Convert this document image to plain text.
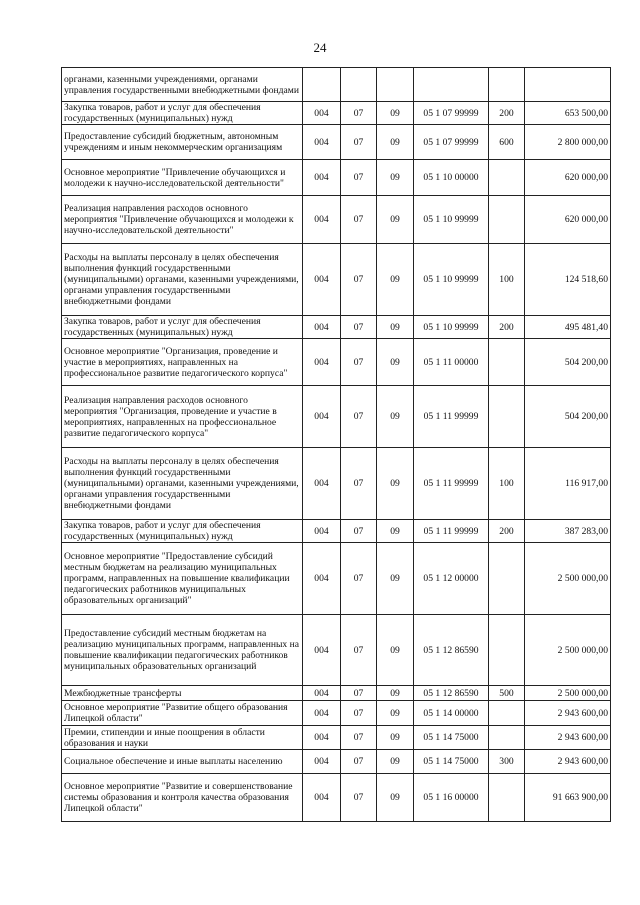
24
органами, казенными учреждениями, органами управления государственными внебюджетными фондами						
Закупка товаров, работ и услуг для обеспечения государственных (муниципальных) нужд	004	07	09	05 1 07 99999	200	653 500,00
Предоставление субсидий бюджетным, автономным учреждениям и иным некоммерческим организациям	004	07	09	05 1 07 99999	600	2 800 000,00
Основное мероприятие "Привлечение обучающихся и молодежи к научно-исследовательской деятельности"	004	07	09	05 1 10 00000		620 000,00
Реализация направления расходов основного мероприятия "Привлечение обучающихся и молодежи к научно-исследовательской деятельности"	004	07	09	05 1 10 99999		620 000,00
Расходы на выплаты персоналу в целях обеспечения выполнения функций государственными (муниципальными) органами, казенными учреждениями, органами управления государственными внебюджетными фондами	004	07	09	05 1 10 99999	100	124 518,60
Закупка товаров, работ и услуг для обеспечения государственных (муниципальных) нужд	004	07	09	05 1 10 99999	200	495 481,40
Основное мероприятие "Организация, проведение и участие в мероприятиях, направленных на профессиональное развитие педагогического корпуса"	004	07	09	05 1 11 00000		504 200,00
Реализация направления расходов основного мероприятия "Организация, проведение и участие в мероприятиях, направленных на профессиональное развитие педагогического корпуса"	004	07	09	05 1 11 99999		504 200,00
Расходы на выплаты персоналу в целях обеспечения выполнения функций государственными (муниципальными) органами, казенными учреждениями, органами управления государственными внебюджетными фондами	004	07	09	05 1 11 99999	100	116 917,00
Закупка товаров, работ и услуг для обеспечения государственных (муниципальных) нужд	004	07	09	05 1 11 99999	200	387 283,00
Основное мероприятие "Предоставление субсидий местным бюджетам на реализацию муниципальных программ, направленных на повышение квалификации педагогических работников муниципальных образовательных организаций"	004	07	09	05 1 12 00000		2 500 000,00
Предоставление субсидий местным бюджетам на реализацию муниципальных программ, направленных на повышение квалификации педагогических работников муниципальных образовательных организаций	004	07	09	05 1 12 86590		2 500 000,00
Межбюджетные трансферты	004	07	09	05 1 12 86590	500	2 500 000,00
Основное мероприятие "Развитие общего образования Липецкой области"	004	07	09	05 1 14 00000		2 943 600,00
Премии, стипендии и иные поощрения в области образования и науки	004	07	09	05 1 14 75000		2 943 600,00
Социальное обеспечение и иные выплаты населению	004	07	09	05 1 14 75000	300	2 943 600,00
Основное мероприятие "Развитие и совершенствование системы образования и контроля качества образования Липецкой области"	004	07	09	05 1 16 00000		91 663 900,00
